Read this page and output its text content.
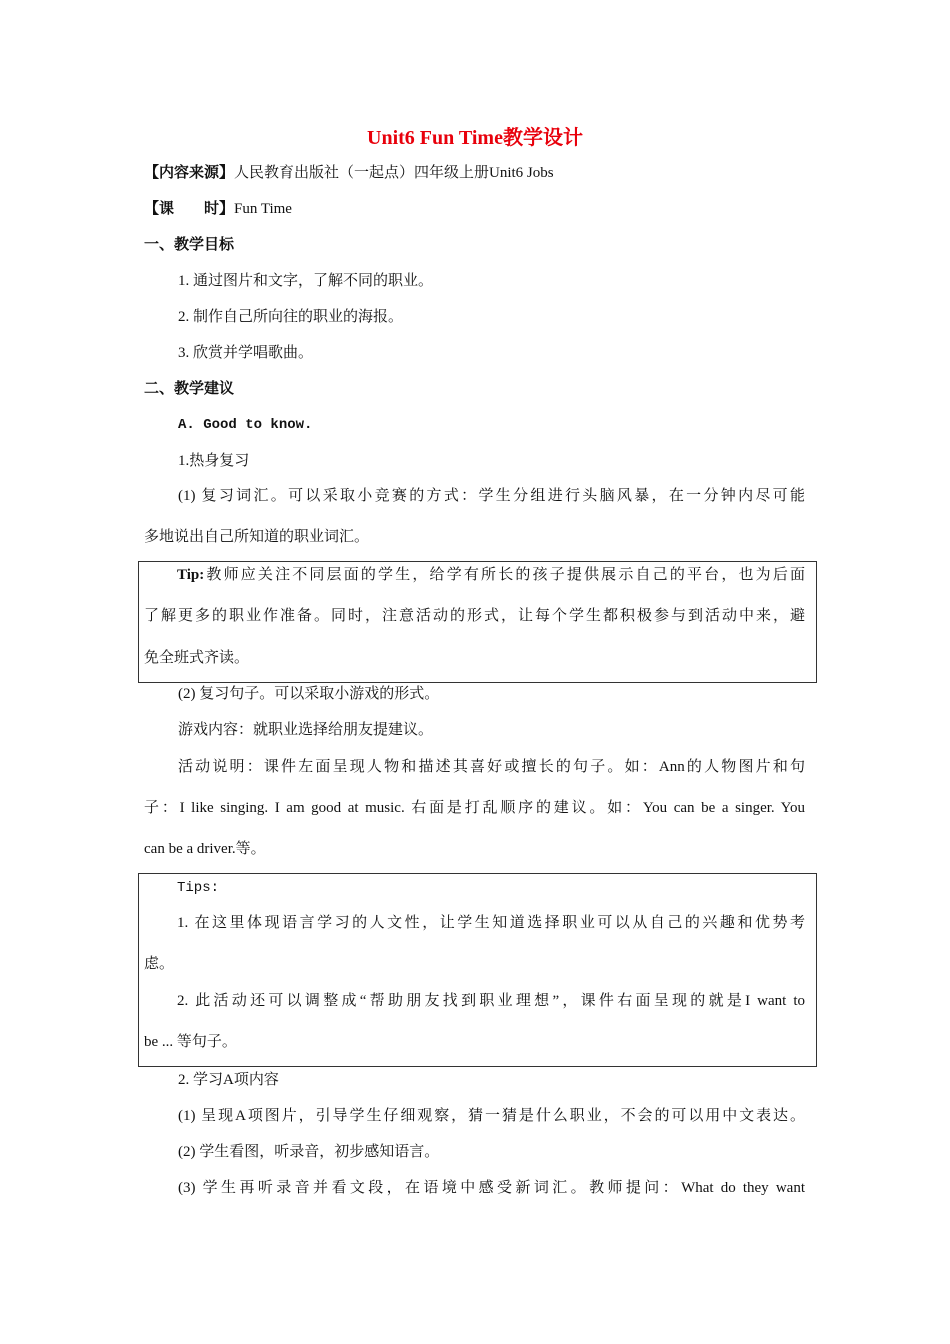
Unit6 Fun Time教学设计
【内容来源】人民教育出版社（一起点）四年级上册Unit6 Jobs
【课　　时】Fun Time
一、教学目标
1. 通过图片和文字，了解不同的职业。
2. 制作自己所向往的职业的海报。
3. 欣赏并学唱歌曲。
二、教学建议
A. Good to know.
1.热身复习
(1) 复习词汇。可以采取小竞赛的方式：学生分组进行头脑风暴，在一分钟内尽可能
多地说出自己所知道的职业词汇。
Tip:教师应关注不同层面的学生，给学有所长的孩子提供展示自己的平台，也为后面
了解更多的职业作准备。同时，注意活动的形式，让每个学生都积极参与到活动中来，避
免全班式齐读。
(2) 复习句子。可以采取小游戏的形式。
游戏内容：就职业选择给朋友提建议。
活动说明：课件左面呈现人物和描述其喜好或擅长的句子。如：Ann的人物图片和句
子：I like singing. I am good at music. 右面是打乱顺序的建议。如：You can be a singer. You
can be a driver.等。
Tips:
1. 在这里体现语言学习的人文性，让学生知道选择职业可以从自己的兴趣和优势考
虑。
2. 此活动还可以调整成“帮助朋友找到职业理想”，课件右面呈现的就是I want to
be ... 等句子。
2. 学习A项内容
(1) 呈现A项图片，引导学生仔细观察，猜一猜是什么职业，不会的可以用中文表达。
(2) 学生看图，听录音，初步感知语言。
(3) 学生再听录音并看文段，在语境中感受新词汇。教师提问：What do they want
